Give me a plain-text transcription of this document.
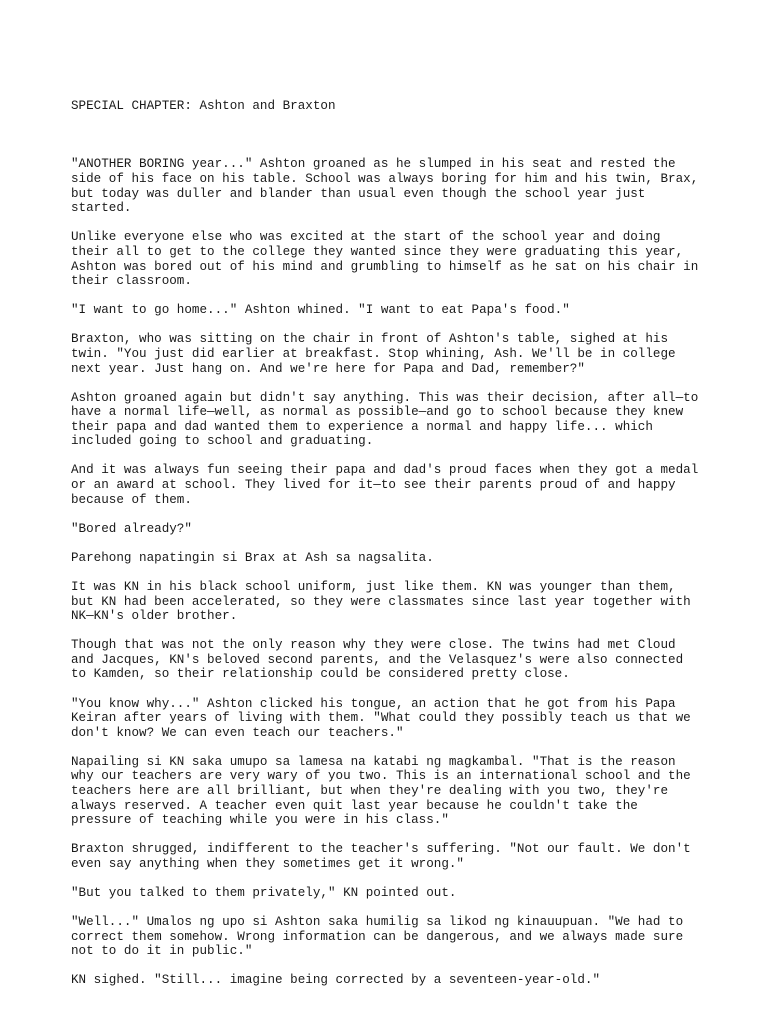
SPECIAL CHAPTER: Ashton and Braxton

"ANOTHER BORING year..." Ashton groaned as he slumped in his seat and rested the
side of his face on his table. School was always boring for him and his twin, Brax,
but today was duller and blander than usual even though the school year just
started.
Unlike everyone else who was excited at the start of the school year and doing
their all to get to the college they wanted since they were graduating this year,
Ashton was bored out of his mind and grumbling to himself as he sat on his chair in
their classroom.
"I want to go home..." Ashton whined. "I want to eat Papa's food."
Braxton, who was sitting on the chair in front of Ashton's table, sighed at his
twin. "You just did earlier at breakfast. Stop whining, Ash. We'll be in college
next year. Just hang on. And we're here for Papa and Dad, remember?"
Ashton groaned again but didn't say anything. This was their decision, after all—to
have a normal life—well, as normal as possible—and go to school because they knew
their papa and dad wanted them to experience a normal and happy life... which
included going to school and graduating.
And it was always fun seeing their papa and dad's proud faces when they got a medal
or an award at school. They lived for it—to see their parents proud of and happy
because of them.
"Bored already?"
Parehong napatingin si Brax at Ash sa nagsalita.
It was KN in his black school uniform, just like them. KN was younger than them,
but KN had been accelerated, so they were classmates since last year together with
NK—KN's older brother.
Though that was not the only reason why they were close. The twins had met Cloud
and Jacques, KN's beloved second parents, and the Velasquez's were also connected
to Kamden, so their relationship could be considered pretty close.
"You know why..." Ashton clicked his tongue, an action that he got from his Papa
Keiran after years of living with them. "What could they possibly teach us that we
don't know? We can even teach our teachers."
Napailing si KN saka umupo sa lamesa na katabi ng magkambal. "That is the reason
why our teachers are very wary of you two. This is an international school and the
teachers here are all brilliant, but when they're dealing with you two, they're
always reserved. A teacher even quit last year because he couldn't take the
pressure of teaching while you were in his class."
Braxton shrugged, indifferent to the teacher's suffering. "Not our fault. We don't
even say anything when they sometimes get it wrong."
"But you talked to them privately," KN pointed out.
"Well..." Umalos ng upo si Ashton saka humilig sa likod ng kinauupuan. "We had to
correct them somehow. Wrong information can be dangerous, and we always made sure
not to do it in public."
KN sighed. "Still... imagine being corrected by a seventeen-year-old."
